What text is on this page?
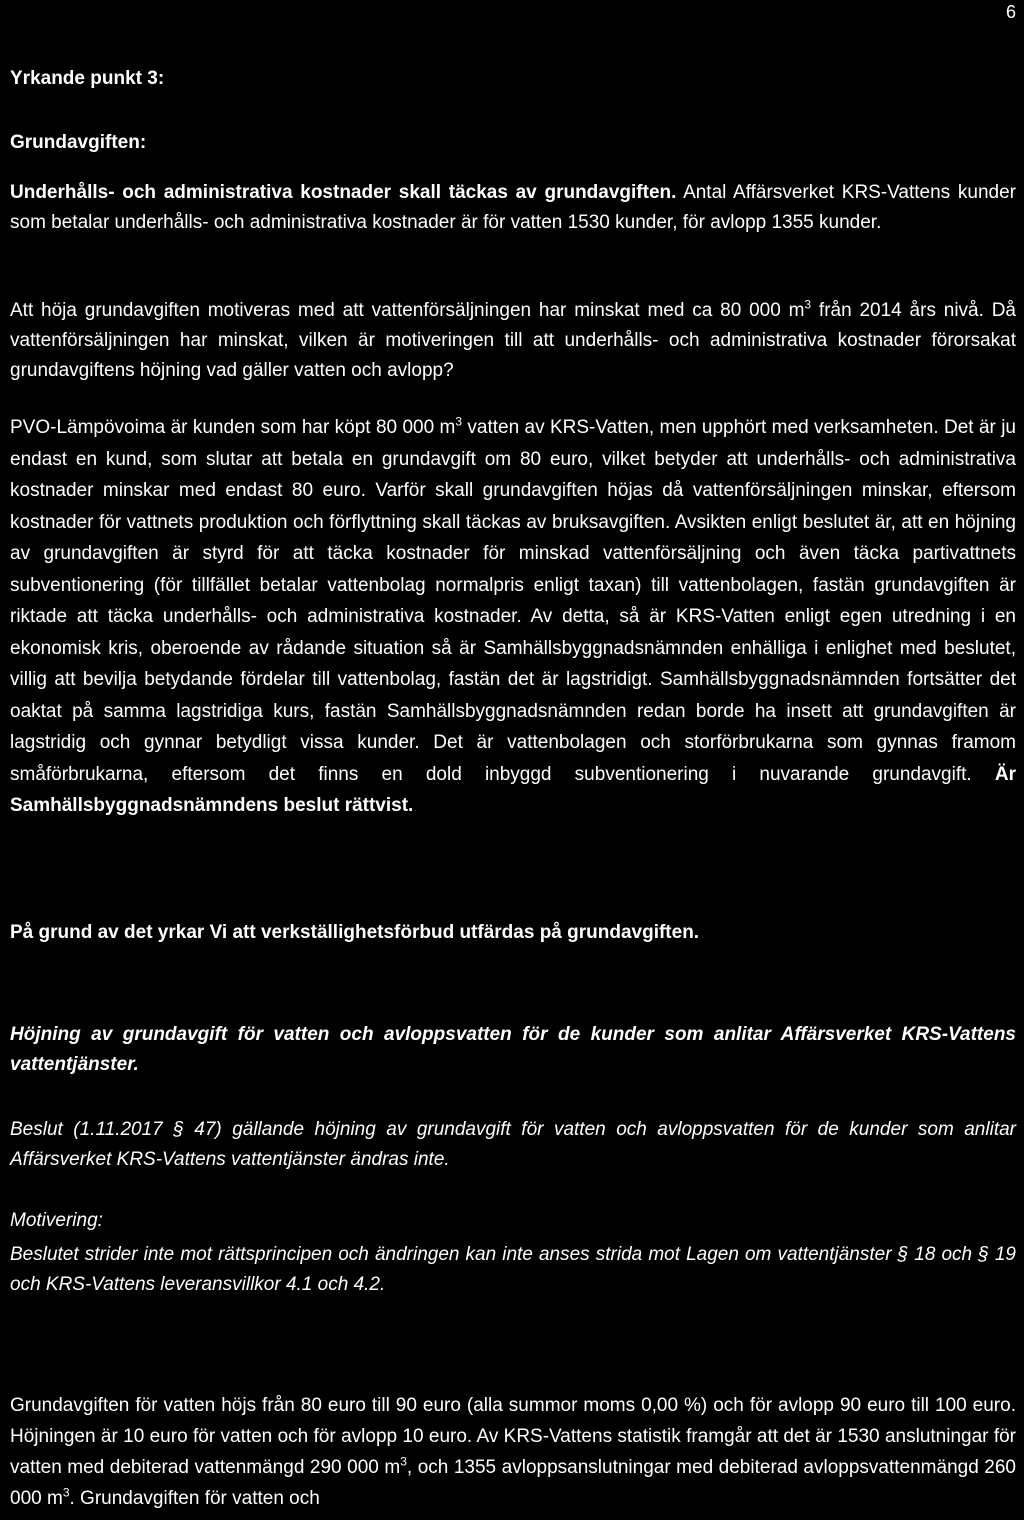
6
Yrkande punkt 3:
Grundavgiften:
Underhålls- och administrativa kostnader skall täckas av grundavgiften. Antal Affärsverket KRS-Vattens kunder som betalar underhålls- och administrativa kostnader är för vatten 1530 kunder, för avlopp 1355 kunder.
Att höja grundavgiften motiveras med att vattenförsäljningen har minskat med ca 80 000 $m^3$ från 2014 års nivå. Då vattenförsäljningen har minskat, vilken är motiveringen till att underhålls- och administrativa kostnader förorsakat grundavgiftens höjning vad gäller vatten och avlopp?
PVO-Lämpövoima är kunden som har köpt 80 000 $m^3$ vatten av KRS-Vatten, men upphört med verksamheten. Det är ju endast en kund, som slutar att betala en grundavgift om 80 euro, vilket betyder att underhålls- och administrativa kostnader minskar med endast 80 euro. Varför skall grundavgiften höjas då vattenförsäljningen minskar, eftersom kostnader för vattnets produktion och förflyttning skall täckas av bruksavgiften. Avsikten enligt beslutet är, att en höjning av grundavgiften är styrd för att täcka kostnader för minskad vattenförsäljning och även täcka partivattnets subventionering (för tillfället betalar vattenbolag normalpris enligt taxan) till vattenbolagen, fastän grundavgiften är riktade att täcka underhålls- och administrativa kostnader. Av detta, så är KRS-Vatten enligt egen utredning i en ekonomisk kris, oberoende av rådande situation så är Samhällsbyggnadsnämnden enhälliga i enlighet med beslutet, villig att bevilja betydande fördelar till vattenbolag, fastän det är lagstridigt. Samhällsbyggnadsnämnden fortsätter det oaktat på samma lagstridiga kurs, fastän Samhällsbyggnadsnämnden redan borde ha insett att grundavgiften är lagstridig och gynnar betydligt vissa kunder. Det är vattenbolagen och storförbrukarna som gynnas framom småförbrukarna, eftersom det finns en dold inbyggd subventionering i nuvarande grundavgift. Är Samhällsbyggnadsnämndens beslut rättvist.
På grund av det yrkar Vi att verkställighetsförbud utfärdas på grundavgiften.
Höjning av grundavgift för vatten och avloppsvatten för de kunder som anlitar Affärsverket KRS-Vattens vattentjänster.
Beslut (1.11.2017 § 47) gällande höjning av grundavgift för vatten och avloppsvatten för de kunder som anlitar Affärsverket KRS-Vattens vattentjänster ändras inte.
Motivering:
Beslutet strider inte mot rättsprincipen och ändringen kan inte anses strida mot Lagen om vattentjänster § 18 och § 19 och KRS-Vattens leveransvillkor 4.1 och 4.2.
Grundavgiften för vatten höjs från 80 euro till 90 euro (alla summor moms 0,00 %) och för avlopp 90 euro till 100 euro. Höjningen är 10 euro för vatten och för avlopp 10 euro. Av KRS-Vattens statistik framgår att det är 1530 anslutningar för vatten med debiterad vattenmängd 290 000 $m^3$, och 1355 avloppsanslutningar med debiterad avloppsvattenmängd 260 000 $m^3$. Grundavgiften för vatten och
